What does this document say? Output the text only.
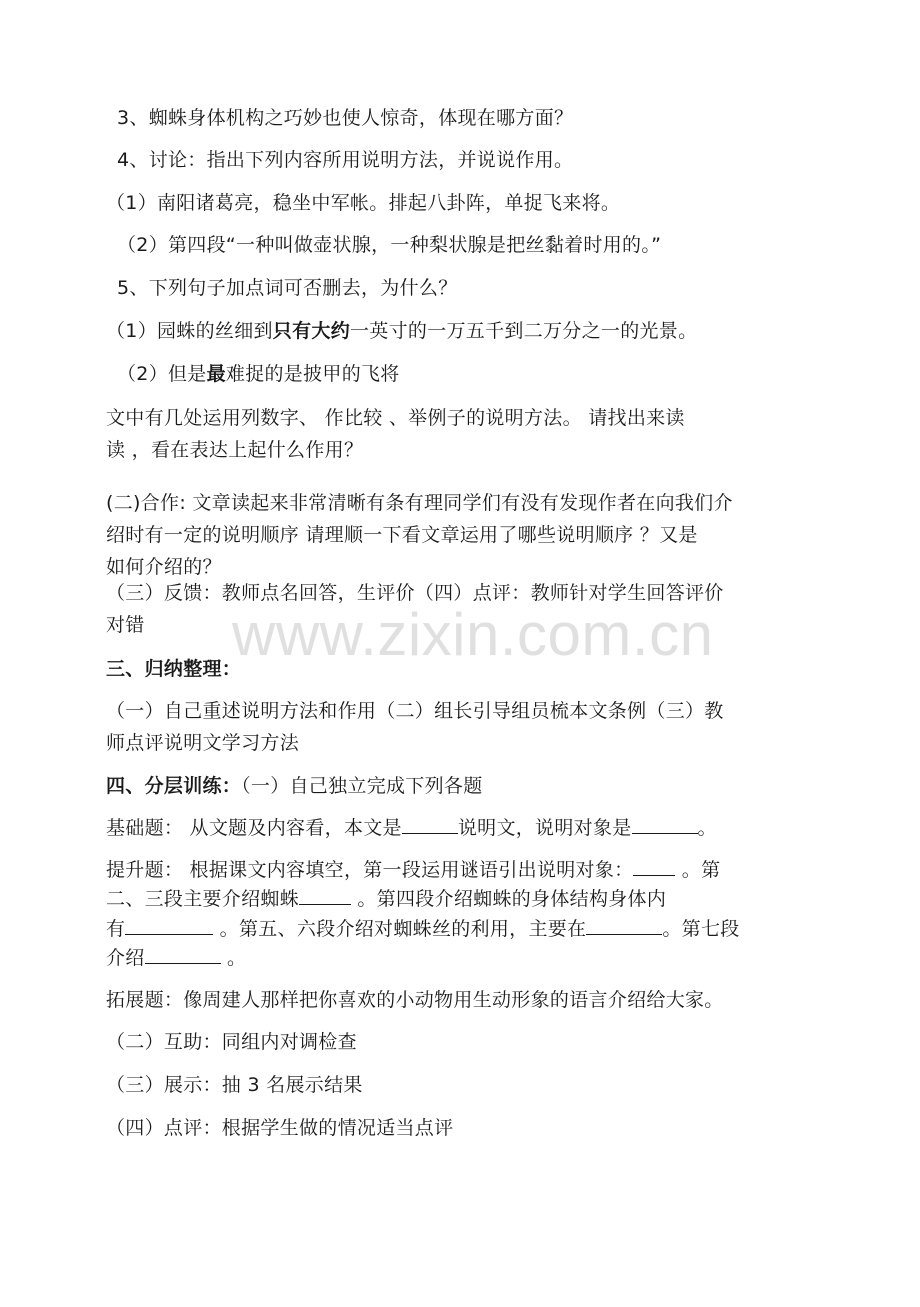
www.zixin.com.cn
3、蜘蛛身体机构之巧妙也使人惊奇，体现在哪方面？
4、讨论：指出下列内容所用说明方法，并说说作用。
（1）南阳诸葛亮，稳坐中军帐。排起八卦阵，单捉飞来将。
（2）第四段“一种叫做壶状腺，一种梨状腺是把丝黏着时用的。”
5、下列句子加点词可否删去，为什么？
（1）园蛛的丝细到只有大约一英寸的一万五千到二万分之一的光景。
（2）但是最难捉的是披甲的飞将
文中有几处运用列数字、 作比较 、举例子的说明方法。 请找出来读
读 ，看在表达上起什么作用？
(二)合作: 文章读起来非常清晰有条有理同学们有没有发现作者在向我们介
绍时有一定的说明顺序 请理顺一下看文章运用了哪些说明顺序 ？又是
如何介绍的？
（三）反馈：教师点名回答，生评价（四）点评：教师针对学生回答评价
对错
三、归纳整理：
（一）自己重述说明方法和作用（二）组长引导组员梳本文条例（三）教
师点评说明文学习方法
四、分层训练：（一）自己独立完成下列各题
基础题： 从文题及内容看，本文是	说明文，说明对象是	。
提升题： 根据课文内容填空，第一段运用谜语引出说明对象： 。第
二、三段主要介绍蜘蛛	。第四段介绍蜘蛛的身体结构身体内
有	。第五、六段介绍对蜘蛛丝的利用，主要在	。第七段
介绍	。
拓展题：像周建人那样把你喜欢的小动物用生动形象的语言介绍给大家。
（二）互助：同组内对调检查
（三）展示：抽 3 名展示结果
（四）点评：根据学生做的情况适当点评
